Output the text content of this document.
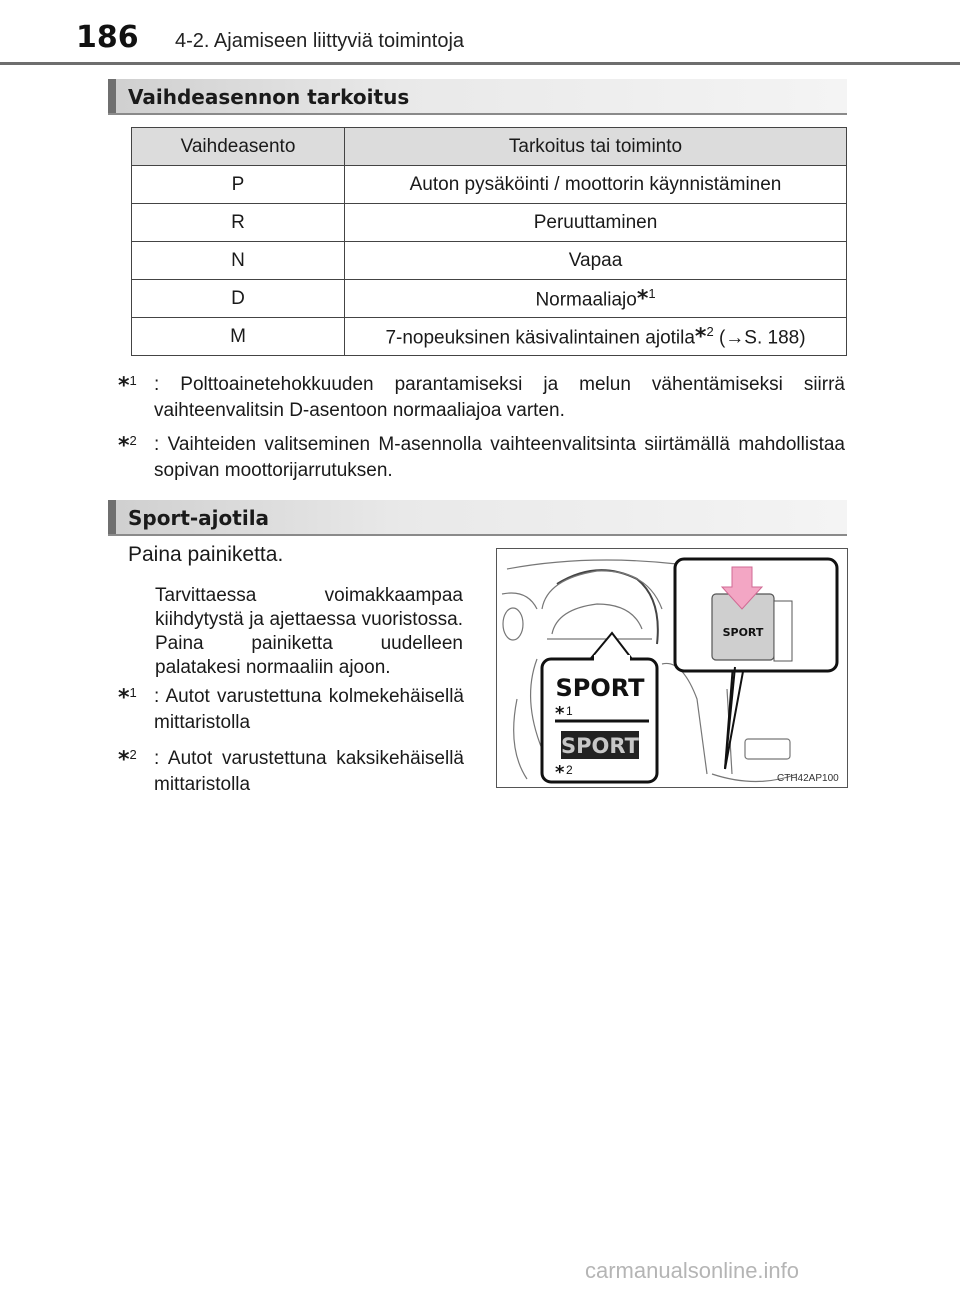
186 4-2. Ajamiseen liittyviä toimintoja
Vaihdeasennon tarkoitus
Vaihdeasento	Tarkoitus tai toiminto
P	Auton pysäköinti / moottorin käynnistäminen
R	Peruuttaminen
N	Vapaa
D	Normaaliajo*$^1$
M	7-nopeuksinen käsivalintainen ajotila*$^2$ (→S. 188)
*$^1$ : Polttoainetehokkuuden parantamiseksi ja melun vähentämiseksi siirrä vaihteenvalitsin D-asentoon normaaliajoa varten.
*$^2$ : Vaihteiden valitseminen M-asennolla vaihteenvalitsinta siirtämällä mahdollistaa sopivan moottorijarrutuksen.
Sport-ajotila
Paina painiketta.
Tarvittaessa voimakkaampaa kiihdytystä ja ajettaessa vuoristossa. Paina painiketta uudelleen palatakesi normaaliin ajoon.
*$^1$ : Autot varustettuna kolmekehäisellä mittaristolla
*$^2$ : Autot varustettuna kaksikehäisellä mittaristolla
SPORT
SPORT
* 1
SPORT
* 2
CTH42AP100
carmanualsonline.info
